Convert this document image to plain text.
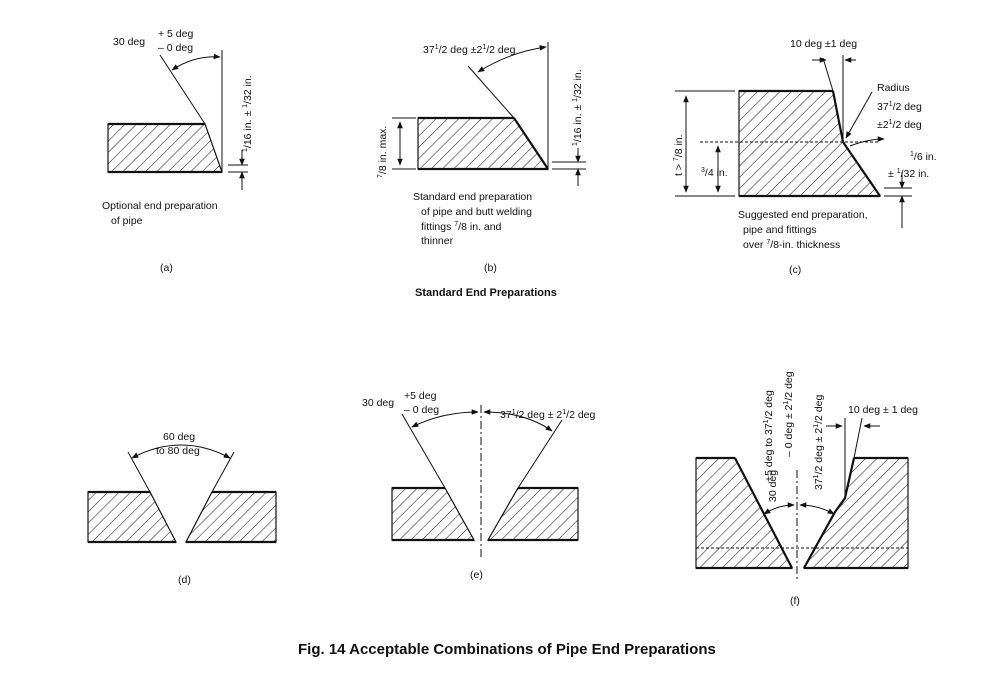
30 deg
+ 5 deg
– 0 deg
$^1$/16 in. ± $^1$/32 in.
Optional end preparation
of pipe
(a)
$37^1/2$ deg $\pm 2^1/2$ deg
$^7$/8 in. max.	$^1$/16 in. ± $^1$/32 in.
Standard end preparation
of pipe and butt welding
fittings $^7$/8 in. and
thinner
(b)
Standard End Preparations
10 deg ±1 deg
Radius
$37^1/2$ deg
$\pm 2^1/2$ deg
t > $^7$/8 in.
$^3$/4 in.
$^1$/6 in.
± $^1$/32 in.
Suggested end preparation,
pipe and fittings
over $^7$/8-in. thickness
(c)
60 deg
to 80 deg
(d)
30 deg
+5 deg
– 0 deg	$37^1/2$ deg ± $2^1/2$ deg
(e)
10 deg ± 1 deg
30 deg
+5 deg to $37^1/2$ deg
– 0 deg ± $2^1/2$ deg
$37^1/2$ deg ± $2^1/2$ deg
(f)
Fig. 14 Acceptable Combinations of Pipe End Preparations
